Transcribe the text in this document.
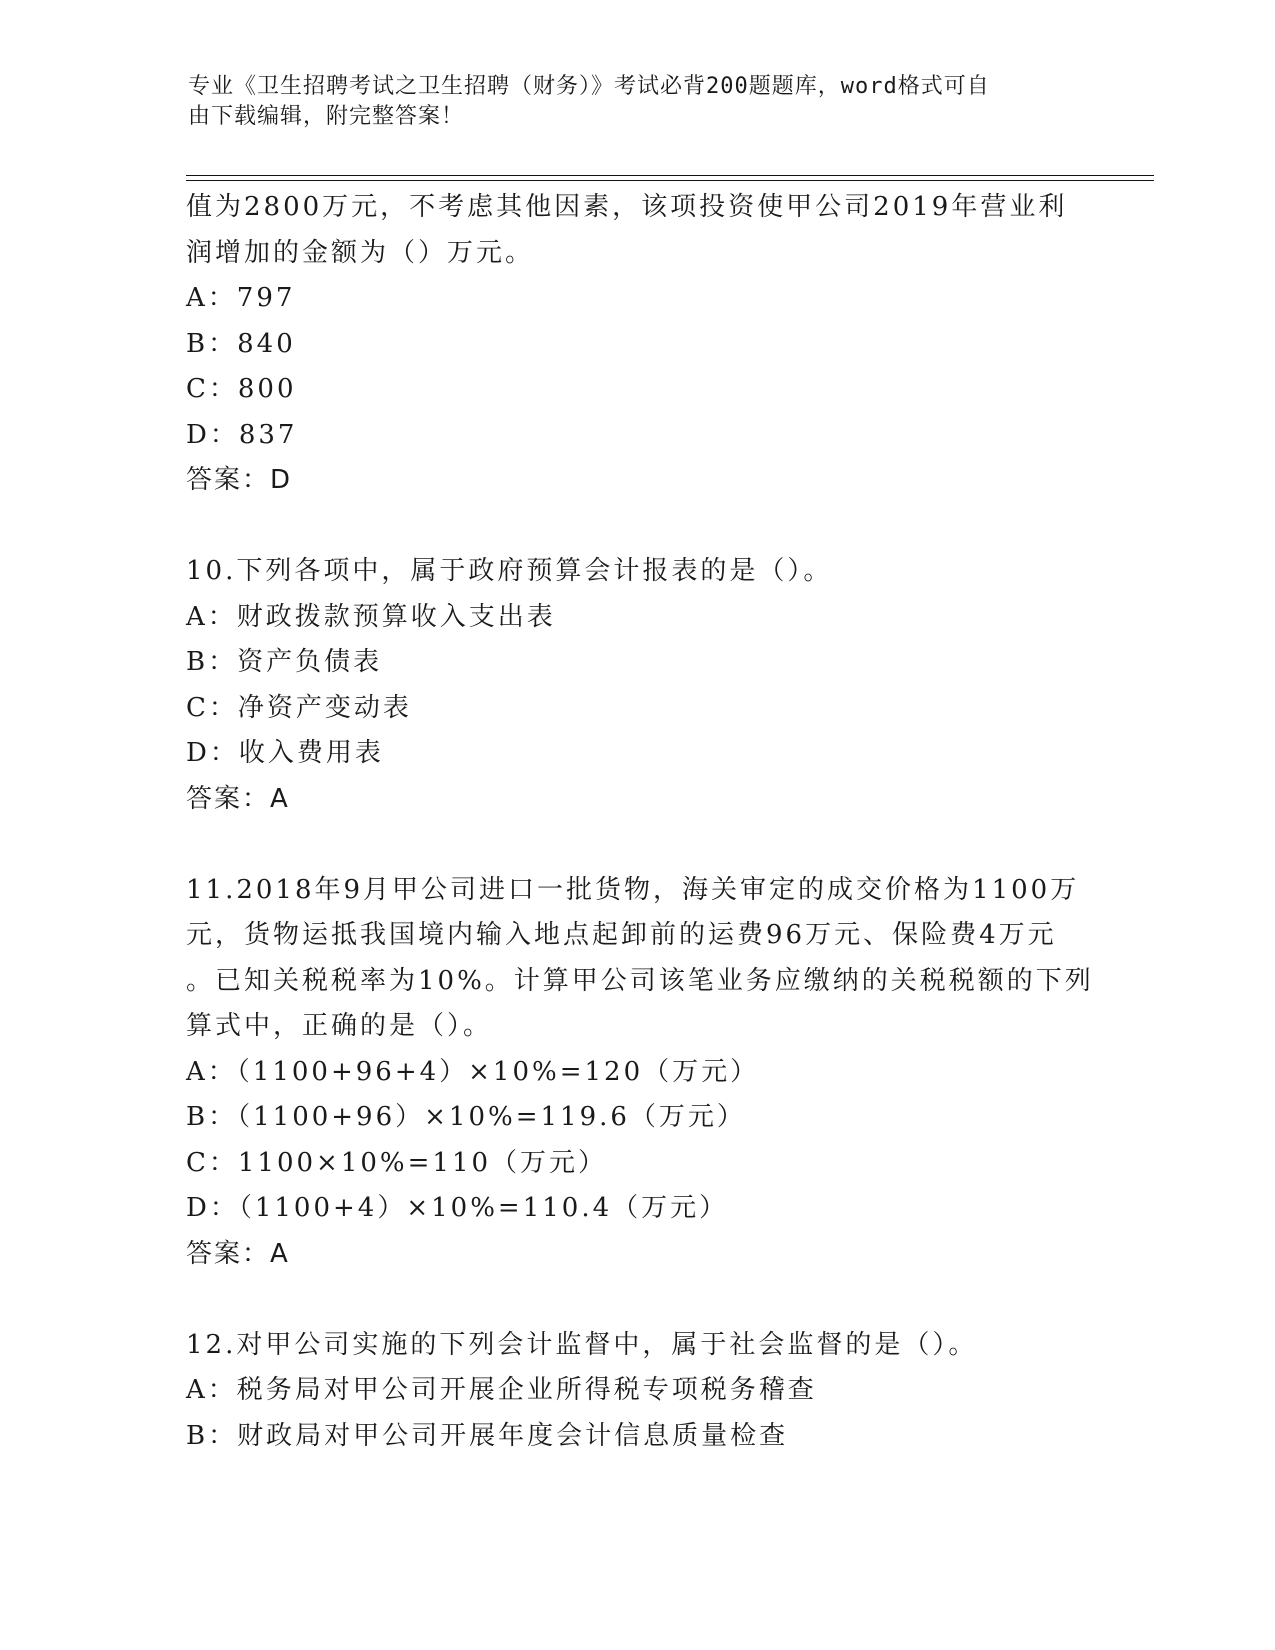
专业《卫生招聘考试之卫生招聘（财务）》考试必背200题题库，word格式可自
由下载编辑，附完整答案！
值为2800万元，不考虑其他因素，该项投资使甲公司2019年营业利
润增加的金额为（）万元。
A：797
B：840
C：800
D：837
答案：D
10.下列各项中，属于政府预算会计报表的是（）。
A：财政拨款预算收入支出表
B：资产负债表
C：净资产变动表
D：收入费用表
答案：A
11.2018年9月甲公司进口一批货物，海关审定的成交价格为1100万
元，货物运抵我国境内输入地点起卸前的运费96万元、保险费4万元
。已知关税税率为10%。计算甲公司该笔业务应缴纳的关税税额的下列
算式中，正确的是（）。
A：（1100+96+4）×10%=120（万元）
B：（1100+96）×10%=119.6（万元）
C：1100×10%=110（万元）
D：（1100+4）×10%=110.4（万元）
答案：A
12.对甲公司实施的下列会计监督中，属于社会监督的是（）。
A：税务局对甲公司开展企业所得税专项税务稽查
B：财政局对甲公司开展年度会计信息质量检查
